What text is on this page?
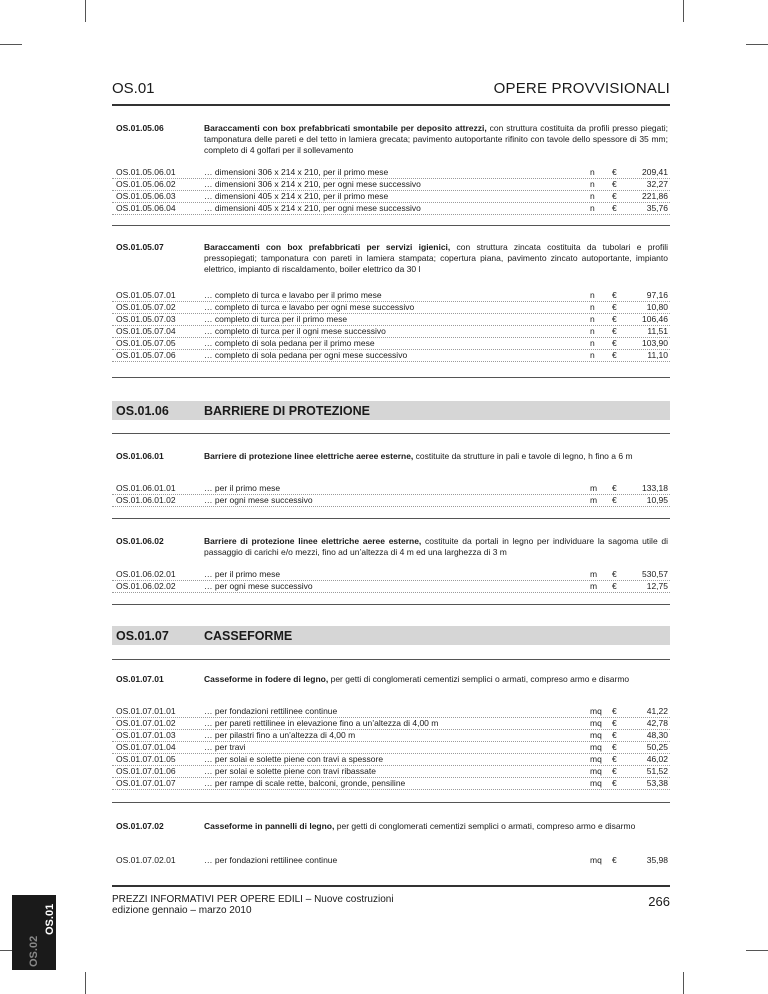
OS.01	OPERE PROVVISIONALI
OS.01.05.06	Baraccamenti con box prefabbricati smontabile per deposito attrezzi, con struttura costituita da profili presso piegati; tamponatura delle pareti e del tetto in lamiera grecata; pavimento autoportante rifinito con tavole dello spessore di 35 mm; completo di 4 golfari per il sollevamento
OS.01.05.06.01	… dimensioni 306 x 214 x 210, per il primo mese	n €	209,41
OS.01.05.06.02	… dimensioni 306 x 214 x 210, per ogni mese successivo	n €	32,27
OS.01.05.06.03	… dimensioni 405 x 214 x 210, per il primo mese	n €	221,86
OS.01.05.06.04	… dimensioni 405 x 214 x 210, per ogni mese successivo	n €	35,76
OS.01.05.07	Baraccamenti con box prefabbricati per servizi igienici, con struttura zincata costituita da tubolari e profili pressopiegati; tamponatura con pareti in lamiera stampata; copertura piana, pavimento zincato autoportante, impianto elettrico, impianto di riscaldamento, boiler elettrico da 30 l
OS.01.05.07.01	… completo di turca e lavabo per il primo mese	n €	97,16
OS.01.05.07.02	… completo di turca e lavabo per ogni mese successivo	n €	10,80
OS.01.05.07.03	… completo di turca per il primo mese	n €	106,46
OS.01.05.07.04	… completo di turca per il ogni mese successivo	n €	11,51
OS.01.05.07.05	… completo di sola pedana per il primo mese	n €	103,90
OS.01.05.07.06	… completo di sola pedana per ogni mese successivo	n €	11,10
OS.01.06	BARRIERE DI PROTEZIONE
OS.01.06.01	Barriere di protezione linee elettriche aeree esterne, costituite da strutture in pali e tavole di legno, h fino a 6 m
OS.01.06.01.01	… per il primo mese	m €	133,18
OS.01.06.01.02	… per ogni mese successivo	m €	10,95
OS.01.06.02	Barriere di protezione linee elettriche aeree esterne, costituite da portali in legno per individuare la sagoma utile di passaggio di carichi e/o mezzi, fino ad un’altezza di 4 m ed una larghezza di 3 m
OS.01.06.02.01	… per il primo mese	m €	530,57
OS.01.06.02.02	… per ogni mese successivo	m €	12,75
OS.01.07	CASSEFORME
OS.01.07.01	Casseforme in fodere di legno, per getti di conglomerati cementizi semplici o armati, compreso armo e disarmo
OS.01.07.01.01	… per fondazioni rettilinee continue	mq €	41,22
OS.01.07.01.02	… per pareti rettilinee in elevazione fino a un’altezza di 4,00 m	mq €	42,78
OS.01.07.01.03	… per pilastri fino a un’altezza di 4,00 m	mq €	48,30
OS.01.07.01.04	… per travi	mq €	50,25
OS.01.07.01.05	… per solai e solette piene con travi a spessore	mq €	46,02
OS.01.07.01.06	… per solai e solette piene con travi ribassate	mq €	51,52
OS.01.07.01.07	… per rampe di scale rette, balconi, gronde, pensiline	mq €	53,38
OS.01.07.02	Casseforme in pannelli di legno, per getti di conglomerati cementizi semplici o armati, compreso armo e disarmo
OS.01.07.02.01	… per fondazioni rettilinee continue	mq €	35,98
PREZZI INFORMATIVI PER OPERE EDILI – Nuove costruzioni
edizione gennaio – marzo 2010
266
OS.02
OS.01
